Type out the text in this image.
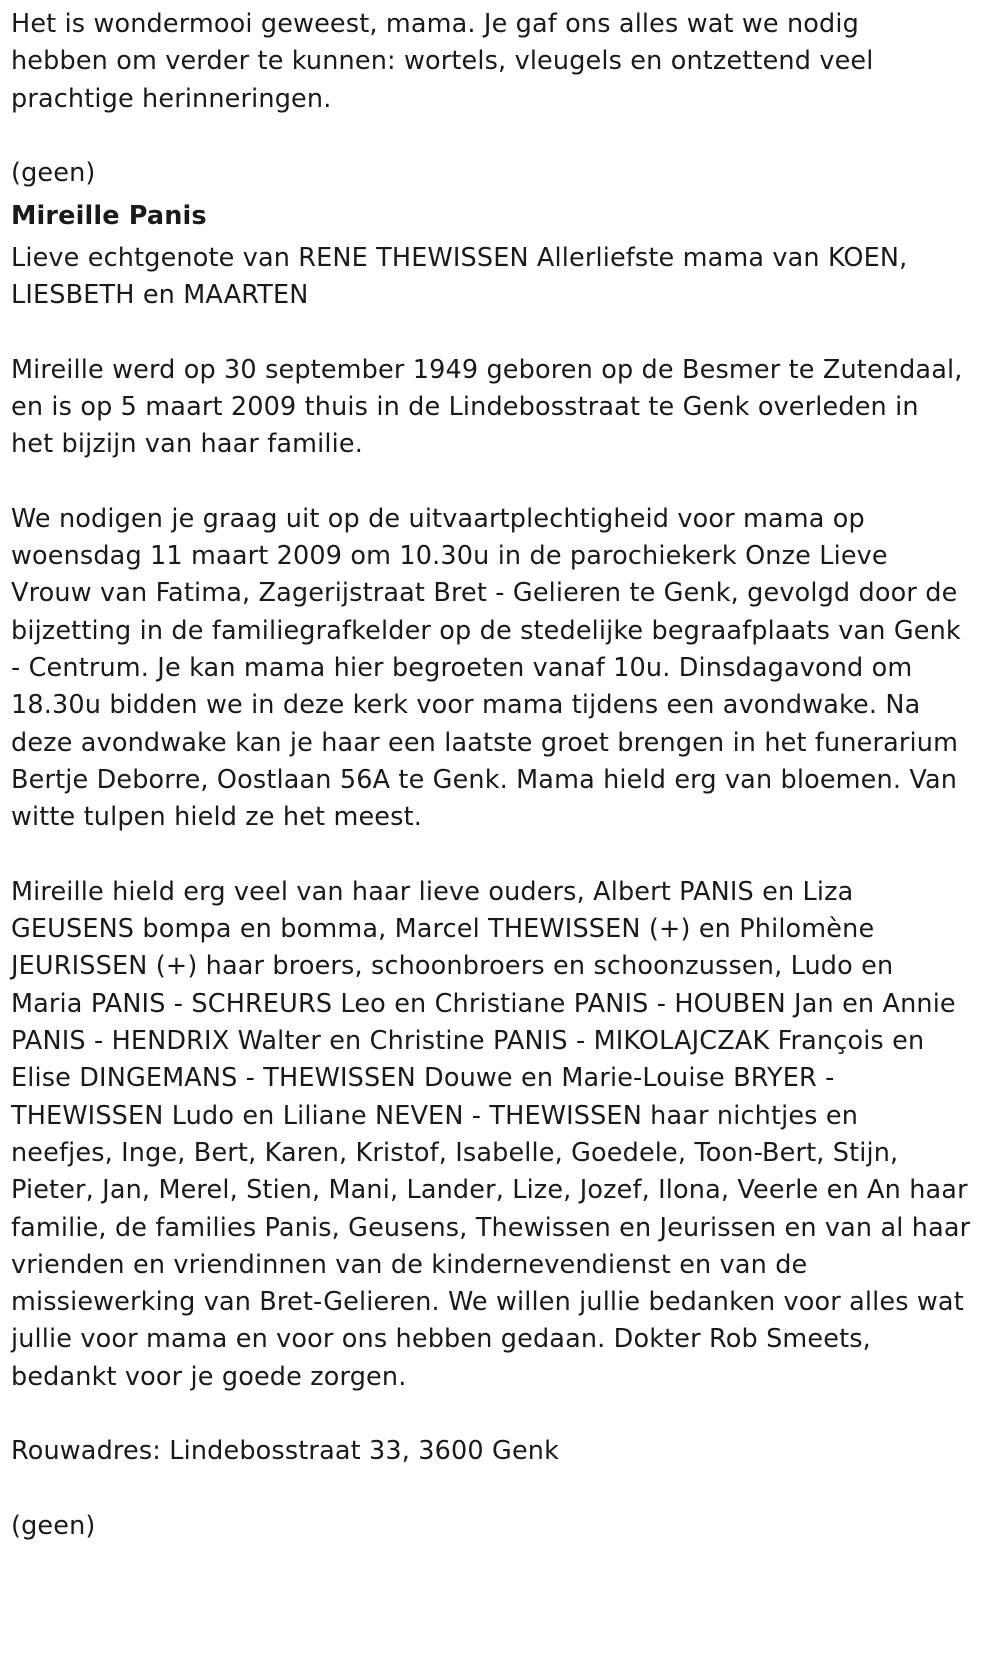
Het is wondermooi geweest, mama. Je gaf ons alles wat we nodig

hebben om verder te kunnen: wortels, vleugels en ontzettend veel

prachtige herinneringen.

(geen)

Mireille Panis

Lieve echtgenote van RENE THEWISSEN Allerliefste mama van KOEN,

LIESBETH en MAARTEN

Mireille werd op 30 september 1949 geboren op de Besmer te Zutendaal,

en is op 5 maart 2009 thuis in de Lindebosstraat te Genk overleden in

het bijzijn van haar familie.

We nodigen je graag uit op de uitvaartplechtigheid voor mama op

woensdag 11 maart 2009 om 10.30u in de parochiekerk Onze Lieve

Vrouw van Fatima, Zagerijstraat Bret - Gelieren te Genk, gevolgd door de

bijzetting in de familiegrafkelder op de stedelijke begraafplaats van Genk

- Centrum. Je kan mama hier begroeten vanaf 10u. Dinsdagavond om

18.30u bidden we in deze kerk voor mama tijdens een avondwake. Na

deze avondwake kan je haar een laatste groet brengen in het funerarium

Bertje Deborre, Oostlaan 56A te Genk. Mama hield erg van bloemen. Van

witte tulpen hield ze het meest.

Mireille hield erg veel van haar lieve ouders, Albert PANIS en Liza

GEUSENS bompa en bomma, Marcel THEWISSEN (+) en Philomène

JEURISSEN (+) haar broers, schoonbroers en schoonzussen, Ludo en

Maria PANIS - SCHREURS Leo en Christiane PANIS - HOUBEN Jan en Annie

PANIS - HENDRIX Walter en Christine PANIS - MIKOLAJCZAK François en

Elise DINGEMANS - THEWISSEN Douwe en Marie-Louise BRYER -

THEWISSEN Ludo en Liliane NEVEN - THEWISSEN haar nichtjes en

neefjes, Inge, Bert, Karen, Kristof, Isabelle, Goedele, Toon-Bert, Stijn,

Pieter, Jan, Merel, Stien, Mani, Lander, Lize, Jozef, Ilona, Veerle en An haar

familie, de families Panis, Geusens, Thewissen en Jeurissen en van al haar

vrienden en vriendinnen van de kindernevendienst en van de

missiewerking van Bret-Gelieren. We willen jullie bedanken voor alles wat

jullie voor mama en voor ons hebben gedaan. Dokter Rob Smeets,

bedankt voor je goede zorgen.

Rouwadres: Lindebosstraat 33, 3600 Genk

(geen)
